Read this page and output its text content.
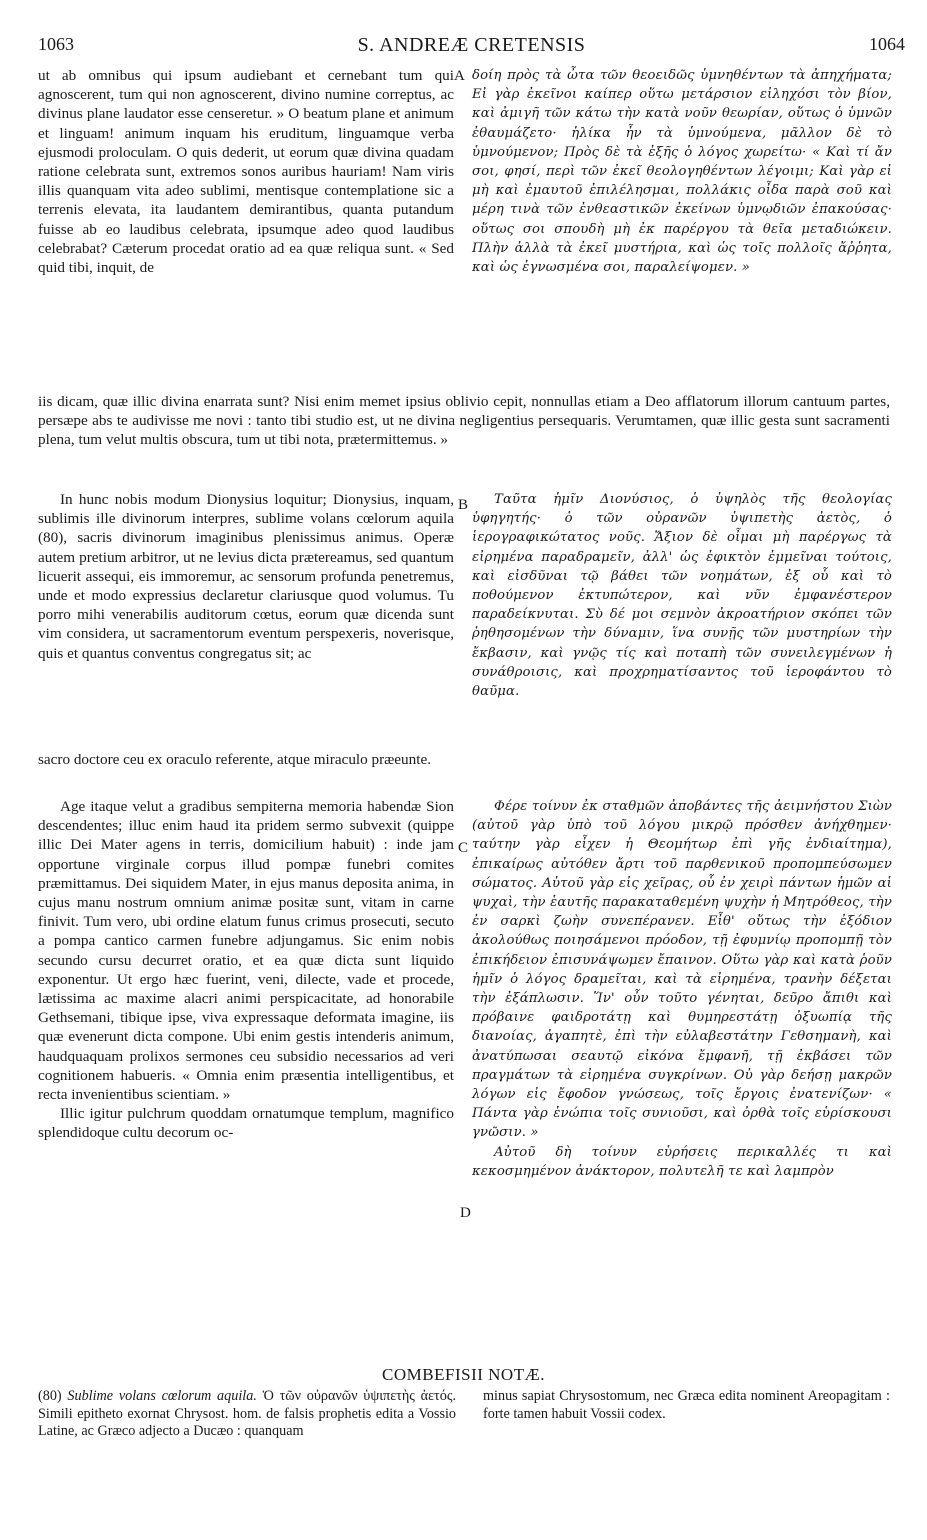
1063	S. ANDREÆ CRETENSIS	1064
A
B
C
D

ut ab omnibus qui ipsum audiebant et cernebant tum qui agnoscerent, tum qui non agnoscerent, divino numine correptus, ac divinus plane laudator esse censeretur. » O beatum plane et animum et linguam! animum inquam his eruditum, linguamque verba ejusmodi proloculam. O quis dederit, ut eorum quæ divina quadam ratione celebrata sunt, extremos sonos auribus hauriam! Nam viris illis quanquam vita adeo sublimi, mentisque contemplatione sic a terrenis elevata, ita laudantem demirantibus, quanta putandum fuisse ab eo laudibus celebrata, ipsumque adeo quod laudibus celebrabat? Cæterum procedat oratio ad ea quæ reliqua sunt. « Sed quid tibi, inquit, de

δοίη πρὸς τὰ ὦτα τῶν θεοειδῶς ὑμνηθέντων τὰ ἀπηχήματα; Εἰ γὰρ ἐκεῖνοι καίπερ οὕτω μετάρσιον εἰληχόσι τὸν βίον, καὶ ἀμιγῆ τῶν κάτω τὴν κατὰ νοῦν θεωρίαν, οὕτως ὁ ὑμνῶν ἐθαυμάζετο· ἡλίκα ἦν τὰ ὑμνούμενα, μᾶλλον δὲ τὸ ὑμνούμενον; Πρὸς δὲ τὰ ἑξῆς ὁ λόγος χωρείτω· « Καὶ τί ἄν σοι, φησί, περὶ τῶν ἐκεῖ θεολογηθέντων λέγοιμι; Καὶ γὰρ εἰ μὴ καὶ ἐμαυτοῦ ἐπιλέλησμαι, πολλάκις οἶδα παρὰ σοῦ καὶ μέρη τινὰ τῶν ἐνθεαστικῶν ἐκείνων ὑμνῳδιῶν ἐπακούσας· οὕτως σοι σπουδὴ μὴ ἐκ παρέργου τὰ θεῖα μεταδιώκειν. Πλὴν ἀλλὰ τὰ ἐκεῖ μυστήρια, καὶ ὡς τοῖς πολλοῖς ἄῤῥητα, καὶ ὡς ἐγνωσμένα σοι, παραλείψομεν. »

iis dicam, quæ illic divina enarrata sunt? Nisi enim memet ipsius oblivio cepit, nonnullas etiam a Deo afflatorum illorum cantuum partes, persæpe abs te audivisse me novi : tanto tibi studio est, ut ne divina negligentius persequaris. Verumtamen, quæ illic gesta sunt sacramenti plena, tum velut multis obscura, tum ut tibi nota, prætermittemus. »

In hunc nobis modum Dionysius loquitur; Dionysius, inquam, sublimis ille divinorum interpres, sublime volans cœlorum aquila (80), sacris divinorum imaginibus plenissimus animus. Operæ autem pretium arbitror, ut ne levius dicta prætereamus, sed quantum licuerit assequi, eis immoremur, ac sensorum profunda penetremus, unde et modo expressius declaretur clariusque quod volumus. Tu porro mihi venerabilis auditorum cœtus, eorum quæ dicenda sunt vim considera, ut sacramentorum eventum perspexeris, noverisque, quis et quantus conventus congregatus sit; ac

Ταῦτα ἡμῖν Διονύσιος, ὁ ὑψηλὸς τῆς θεολογίας ὑφηγητής· ὁ τῶν οὐρανῶν ὑψιπετὴς ἀετὸς, ὁ ἱερογραφικώτατος νοῦς. Ἄξιον δὲ οἶμαι μὴ παρέργως τὰ εἰρημένα παραδραμεῖν, ἀλλ' ὡς ἐφικτὸν ἐμμεῖναι τούτοις, καὶ εἰσδῦναι τῷ βάθει τῶν νοημάτων, ἐξ οὗ καὶ τὸ ποθούμενον ἐκτυπώτερον, καὶ νῦν ἐμφανέστερον παραδείκνυται. Σὺ δέ μοι σεμνὸν ἀκροατήριον σκόπει τῶν ῥηθησομένων τὴν δύναμιν, ἵνα συνῇς τῶν μυστηρίων τὴν ἔκβασιν, καὶ γνῷς τίς καὶ ποταπὴ τῶν συνειλεγμένων ἡ συνάθροισις, καὶ προχρηματίσαντος τοῦ ἱεροφάντου τὸ θαῦμα.

sacro doctore ceu ex oraculo referente, atque miraculo præeunte.

Age itaque velut a gradibus sempiterna memoria habendæ Sion descendentes; illuc enim haud ita pridem sermo subvexit (quippe illic Dei Mater agens in terris, domicilium habuit) : inde jam opportune virginale corpus illud pompæ funebri comites præmittamus. Dei siquidem Mater, in ejus manus deposita anima, in cujus manu nostrum omnium animæ positæ sunt, vitam in carne finivit. Tum vero, ubi ordine elatum funus crimus prosecuti, secuto a pompa cantico carmen funebre adjungamus. Sic enim nobis secundo cursu decurret oratio, et ea quæ dicta sunt liquido exponentur. Ut ergo hæc fuerint, veni, dilecte, vade et procede, lætissima ac maxime alacri animi perspicacitate, ad honorabile Gethsemani, tibique ipse, viva expressaque deformata imagine, iis quæ evenerunt dicta compone. Ubi enim gestis intenderis animum, haudquaquam prolixos sermones ceu subsidio necessarios ad veri cognitionem habueris. « Omnia enim præsentia intelligentibus, et recta invenientibus scientiam. »

Illic igitur pulchrum quoddam ornatumque templum, magnifico splendidoque cultu decorum oc-

Φέρε τοίνυν ἐκ σταθμῶν ἀποβάντες τῆς ἀειμνήστου Σιὼν (αὐτοῦ γὰρ ὑπὸ τοῦ λόγου μικρῷ πρόσθεν ἀνήχθημεν· ταύτην γὰρ εἶχεν ἡ Θεομήτωρ ἐπὶ γῆς ἐνδιαίτημα), ἐπικαίρως αὐτόθεν ἄρτι τοῦ παρθενικοῦ προπομπεύσωμεν σώματος. Αὐτοῦ γὰρ εἰς χεῖρας, οὗ ἐν χειρὶ πάντων ἡμῶν αἱ ψυχαὶ, τὴν ἑαυτῆς παρακαταθεμένη ψυχὴν ἡ Μητρόθεος, τὴν ἐν σαρκὶ ζωὴν συνεπέρανεν. Εἶθ' οὕτως τὴν ἐξόδιον ἀκολούθως ποιησάμενοι πρόοδον, τῇ ἐφυμνίῳ προπομπῇ τὸν ἐπικήδειον ἐπισυνάψωμεν ἔπαινον. Οὕτω γὰρ καὶ κατὰ ῥοῦν ἡμῖν ὁ λόγος δραμεῖται, καὶ τὰ εἰρημένα, τρανὴν δέξεται τὴν ἐξάπλωσιν. Ἵν' οὖν τοῦτο γένηται, δεῦρο ἄπιθι καὶ πρόβαινε φαιδροτάτῃ καὶ θυμηρεστάτῃ ὀξυωπίᾳ τῆς διανοίας, ἀγαπητὲ, ἐπὶ τὴν εὐλαβεστάτην Γεθσημανὴ, καὶ ἀνατύπωσαι σεαυτῷ εἰκόνα ἔμφανῆ, τῇ ἐκβάσει τῶν πραγμάτων τὰ εἰρημένα συγκρίνων. Οὐ γὰρ δεήσῃ μακρῶν λόγων εἰς ἔφοδον γνώσεως, τοῖς ἔργοις ἐνατενίζων· « Πάντα γὰρ ἐνώπια τοῖς συνιοῦσι, καὶ ὀρθὰ τοῖς εὑρίσκουσι γνῶσιν. »

Αὐτοῦ δὴ τοίνυν εὑρήσεις περικαλλές τι καὶ κεκοσμημένον ἀνάκτορον, πολυτελῆ τε καὶ λαμπρὸν

COMBEFISII NOTÆ.

(80) Sublime volans cœlorum aquila. Ὁ τῶν οὐρανῶν ὑψιπετὴς ἀετός. Simili epitheto exornat Chrysost. hom. de falsis prophetis edita a Vossio Latine, ac Græco adjecto a Ducæo : quanquam

minus sapiat Chrysostomum, nec Græca edita nominent Areopagitam : forte tamen habuit Vossii codex.
